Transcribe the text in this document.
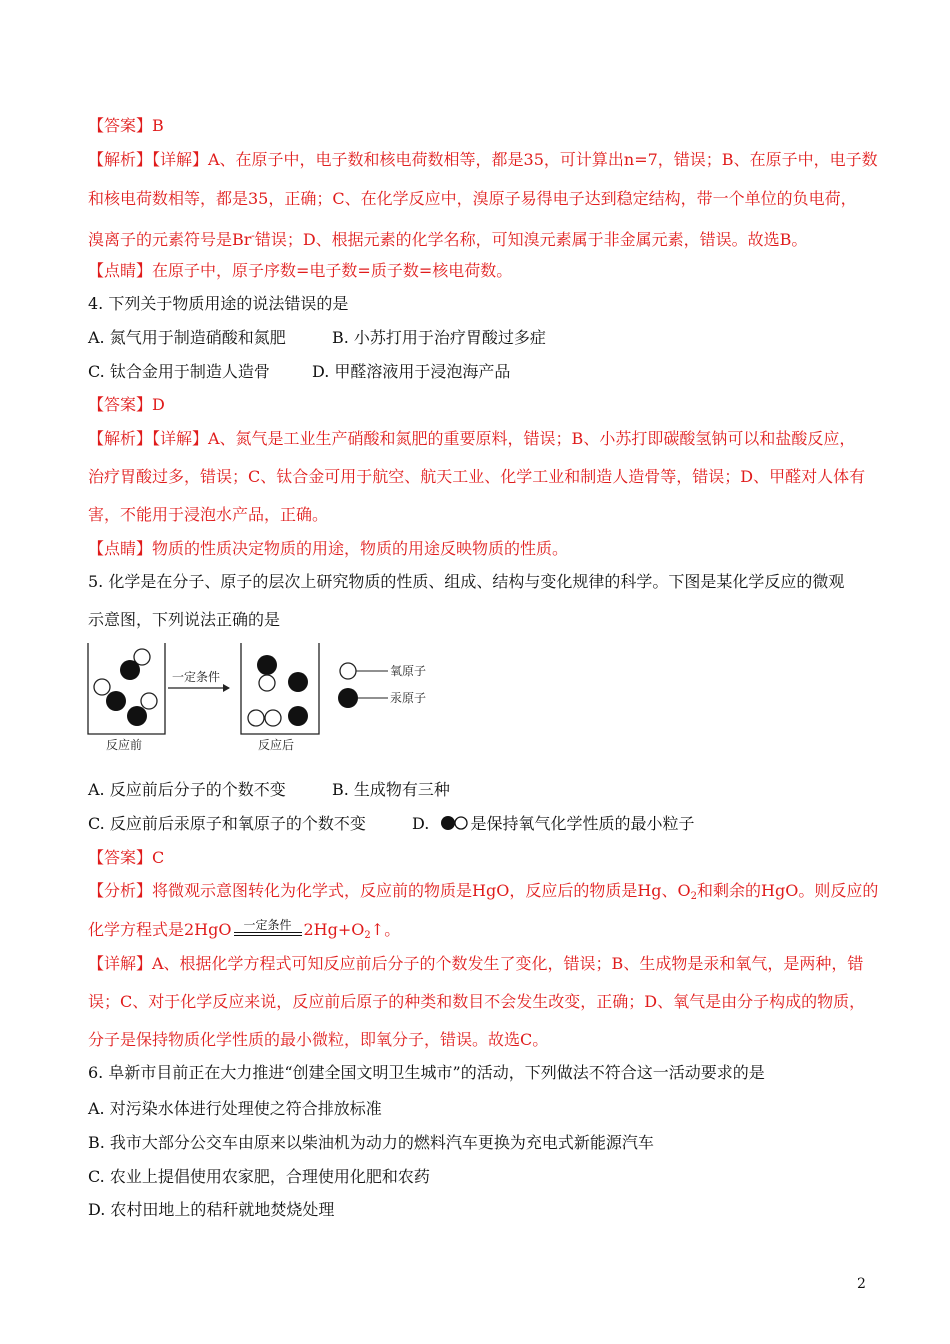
【答案】B
【解析】【详解】A、在原子中，电子数和核电荷数相等，都是35，可计算出n=7，错误；B、在原子中，电子数
和核电荷数相等，都是35，正确；C、在化学反应中，溴原子易得电子达到稳定结构，带一个单位的负电荷，
溴离子的元素符号是Br-错误；D、根据元素的化学名称，可知溴元素属于非金属元素，错误。故选B。
【点睛】在原子中，原子序数=电子数=质子数=核电荷数。
4. 下列关于物质用途的说法错误的是
A. 氮气用于制造硝酸和氮肥	B. 小苏打用于治疗胃酸过多症
C. 钛合金用于制造人造骨	D. 甲醛溶液用于浸泡海产品
【答案】D
【解析】【详解】A、氮气是工业生产硝酸和氮肥的重要原料，错误；B、小苏打即碳酸氢钠可以和盐酸反应，
治疗胃酸过多，错误；C、钛合金可用于航空、航天工业、化学工业和制造人造骨等，错误；D、甲醛对人体有
害，不能用于浸泡水产品，正确。
【点睛】物质的性质决定物质的用途，物质的用途反映物质的性质。
5. 化学是在分子、原子的层次上研究物质的性质、组成、结构与变化规律的科学。下图是某化学反应的微观
示意图，下列说法正确的是
反应前
一定条件
反应后
氧原子
汞原子
A. 反应前后分子的个数不变	B. 生成物有三种
C. 反应前后汞原子和氧原子的个数不变	D.	是保持氧气化学性质的最小粒子
【答案】C
【分析】将微观示意图转化为化学式，反应前的物质是HgO，反应后的物质是Hg、$O_2$和剩余的HgO。则反应的
化学方程式是2HgO $^{一定条件}$ $2Hg+O_2↑$。
【详解】A、根据化学方程式可知反应前后分子的个数发生了变化，错误；B、生成物是汞和氧气，是两种，错
误；C、对于化学反应来说，反应前后原子的种类和数目不会发生改变，正确；D、氧气是由分子构成的物质，
分子是保持物质化学性质的最小微粒，即氧分子，错误。故选C。
6. 阜新市目前正在大力推进“创建全国文明卫生城市”的活动，下列做法不符合这一活动要求的是
A. 对污染水体进行处理使之符合排放标准
B. 我市大部分公交车由原来以柴油机为动力的燃料汽车更换为充电式新能源汽车
C. 农业上提倡使用农家肥，合理使用化肥和农药
D. 农村田地上的秸秆就地焚烧处理
2
